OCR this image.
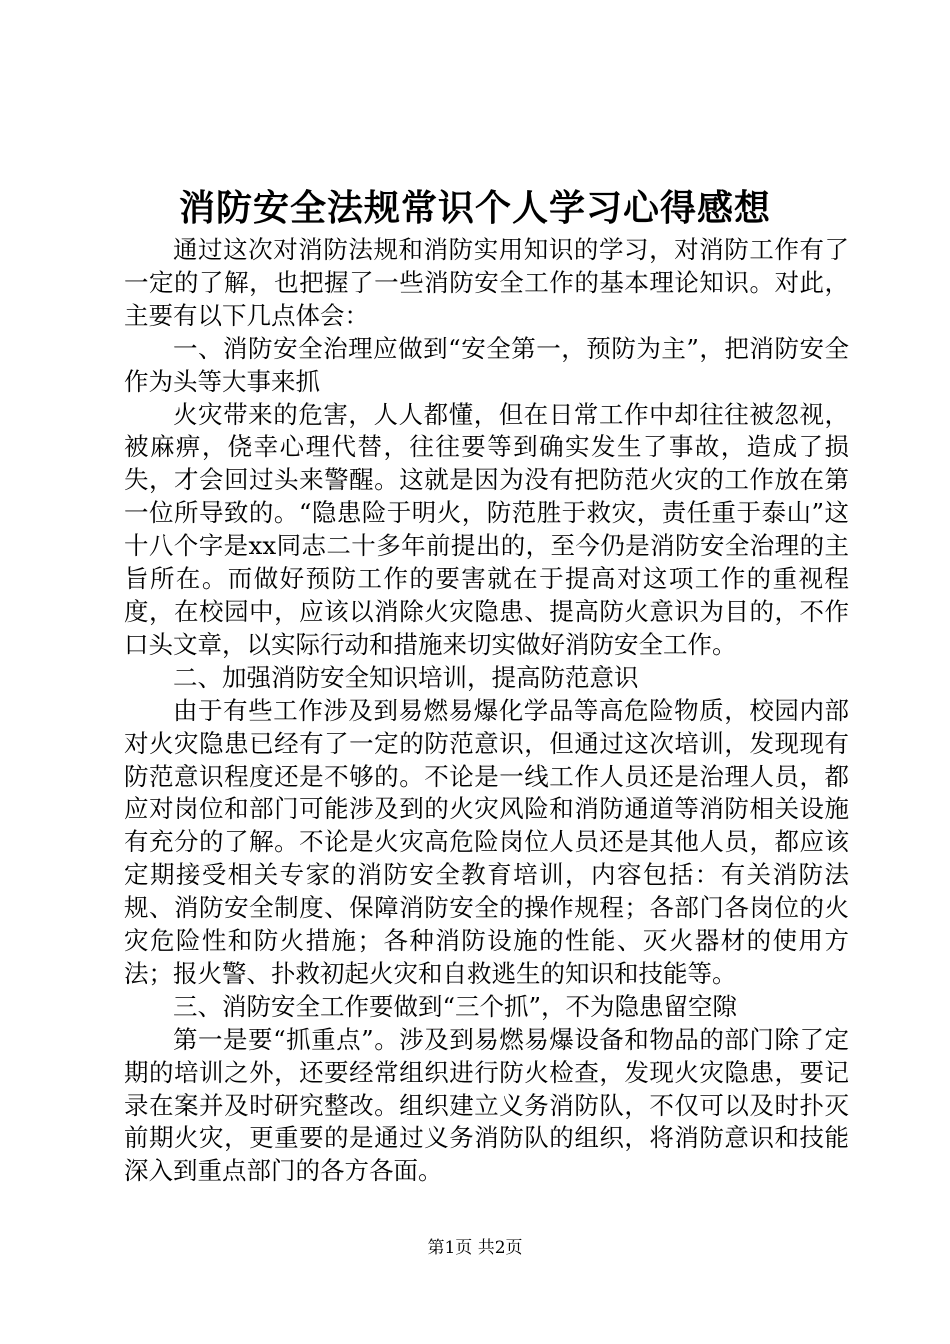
消防安全法规常识个人学习心得感想

通过这次对消防法规和消防实用知识的学习，对消防工作有了一定的了解，也把握了一些消防安全工作的基本理论知识。对此，主要有以下几点体会：

一、消防安全治理应做到“安全第一，预防为主”，把消防安全作为头等大事来抓

火灾带来的危害，人人都懂，但在日常工作中却往往被忽视，被麻痹，侥幸心理代替，往往要等到确实发生了事故，造成了损失，才会回过头来警醒。这就是因为没有把防范火灾的工作放在第一位所导致的。“隐患险于明火，防范胜于救灾，责任重于泰山”这十八个字是xx同志二十多年前提出的，至今仍是消防安全治理的主旨所在。而做好预防工作的要害就在于提高对这项工作的重视程度，在校园中，应该以消除火灾隐患、提高防火意识为目的，不作口头文章，以实际行动和措施来切实做好消防安全工作。

二、加强消防安全知识培训，提高防范意识

由于有些工作涉及到易燃易爆化学品等高危险物质，校园内部对火灾隐患已经有了一定的防范意识，但通过这次培训，发现现有防范意识程度还是不够的。不论是一线工作人员还是治理人员，都应对岗位和部门可能涉及到的火灾风险和消防通道等消防相关设施有充分的了解。不论是火灾高危险岗位人员还是其他人员，都应该定期接受相关专家的消防安全教育培训，内容包括：有关消防法规、消防安全制度、保障消防安全的操作规程；各部门各岗位的火灾危险性和防火措施；各种消防设施的性能、灭火器材的使用方法；报火警、扑救初起火灾和自救逃生的知识和技能等。

三、消防安全工作要做到“三个抓”，不为隐患留空隙

第一是要“抓重点”。涉及到易燃易爆设备和物品的部门除了定期的培训之外，还要经常组织进行防火检查，发现火灾隐患，要记录在案并及时研究整改。组织建立义务消防队，不仅可以及时扑灭前期火灾，更重要的是通过义务消防队的组织，将消防意识和技能深入到重点部门的各方各面。

第1页 共2页
